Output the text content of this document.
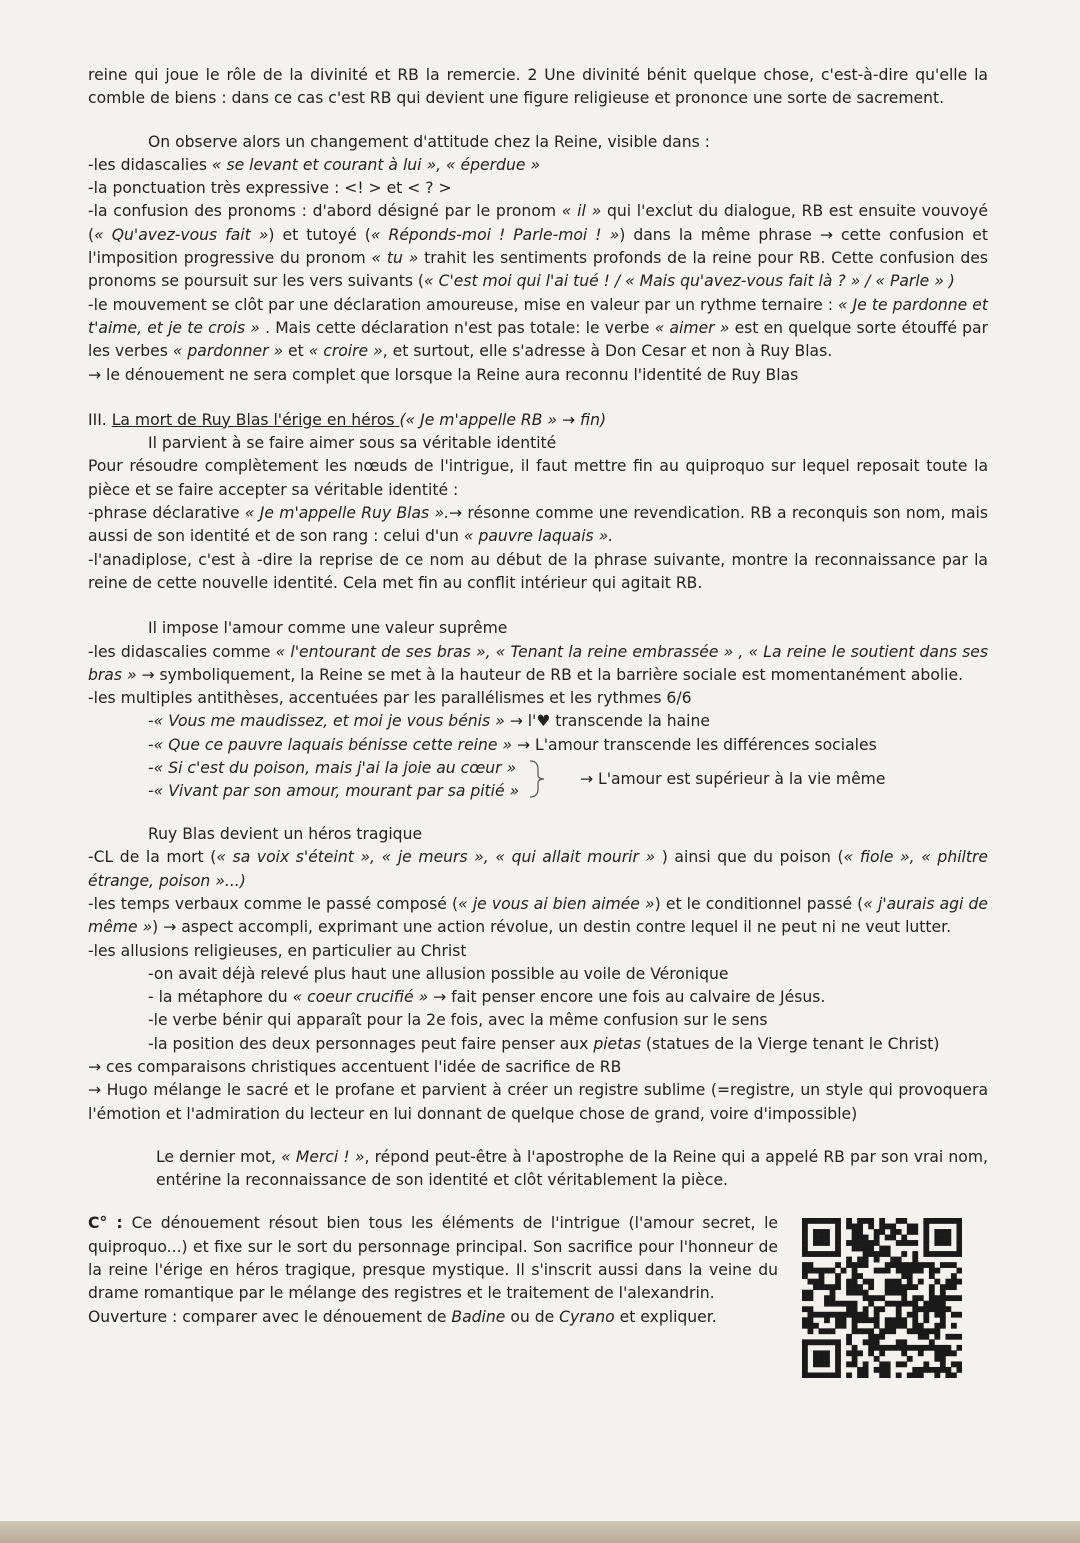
reine qui joue le rôle de la divinité et RB la remercie. 2 Une divinité bénit quelque chose, c'est-à-dire qu'elle la comble de biens : dans ce cas c'est RB qui devient une figure religieuse et prononce une sorte de sacrement.

On observe alors un changement d'attitude chez la Reine, visible dans :

-les didascalies « se levant et courant à lui », « éperdue »

-la ponctuation très expressive : <! > et < ? >

-la confusion des pronoms : d'abord désigné par le pronom « il » qui l'exclut du dialogue, RB est ensuite vouvoyé (« Qu'avez-vous fait ») et tutoyé (« Réponds-moi ! Parle-moi ! ») dans la même phrase → cette confusion et l'imposition progressive du pronom « tu » trahit les sentiments profonds de la reine pour RB. Cette confusion des pronoms se poursuit sur les vers suivants (« C'est moi qui l'ai tué ! / « Mais qu'avez-vous fait là ? » / « Parle » )

-le mouvement se clôt par une déclaration amoureuse, mise en valeur par un rythme ternaire : « Je te pardonne et t'aime, et je te crois » . Mais cette déclaration n'est pas totale: le verbe « aimer » est en quelque sorte étouffé par les verbes « pardonner » et « croire », et surtout, elle s'adresse à Don Cesar et non à Ruy Blas.

→ le dénouement ne sera complet que lorsque la Reine aura reconnu l'identité de Ruy Blas

III. La mort de Ruy Blas l'érige en héros (« Je m'appelle RB » → fin)

Il parvient à se faire aimer sous sa véritable identité

Pour résoudre complètement les nœuds de l'intrigue, il faut mettre fin au quiproquo sur lequel reposait toute la pièce et se faire accepter sa véritable identité :

-phrase déclarative « Je m'appelle Ruy Blas ».→ résonne comme une revendication. RB a reconquis son nom, mais aussi de son identité et de son rang : celui d'un « pauvre laquais ».

-l'anadiplose, c'est à -dire la reprise de ce nom au début de la phrase suivante, montre la reconnaissance par la reine de cette nouvelle identité. Cela met fin au conflit intérieur qui agitait RB.

Il impose l'amour comme une valeur suprême

-les didascalies comme « l'entourant de ses bras », « Tenant la reine embrassée » , « La reine le soutient dans ses bras » → symboliquement, la Reine se met à la hauteur de RB et la barrière sociale est momentanément abolie.

-les multiples antithèses, accentuées par les parallélismes et les rythmes 6/6

-« Vous me maudissez, et moi je vous bénis » → l'♥ transcende la haine

-« Que ce pauvre laquais bénisse cette reine » → L'amour transcende les différences sociales

-« Si c'est du poison, mais j'ai la joie au cœur »
-« Vivant par son amour, mourant par sa pitié »
→ L'amour est supérieur à la vie même

Ruy Blas devient un héros tragique

-CL de la mort (« sa voix s'éteint », « je meurs », « qui allait mourir » ) ainsi que du poison (« fiole », « philtre étrange, poison »...)

-les temps verbaux comme le passé composé (« je vous ai bien aimée ») et le conditionnel passé (« j'aurais agi de même ») → aspect accompli, exprimant une action révolue, un destin contre lequel il ne peut ni ne veut lutter.

-les allusions religieuses, en particulier au Christ

-on avait déjà relevé plus haut une allusion possible au voile de Véronique

- la métaphore du « coeur crucifié » → fait penser encore une fois au calvaire de Jésus.

-le verbe bénir qui apparaît pour la 2e fois, avec la même confusion sur le sens

-la position des deux personnages peut faire penser aux pietas (statues de la Vierge tenant le Christ)

→ ces comparaisons christiques accentuent l'idée de sacrifice de RB

→ Hugo mélange le sacré et le profane et parvient à créer un registre sublime (=registre, un style qui provoquera l'émotion et l'admiration du lecteur en lui donnant de quelque chose de grand, voire d'impossible)

Le dernier mot, « Merci ! », répond peut-être à l'apostrophe de la Reine qui a appelé RB par son vrai nom, entérine la reconnaissance de son identité et clôt véritablement la pièce.

C° : Ce dénouement résout bien tous les éléments de l'intrigue (l'amour secret, le quiproquo...) et fixe sur le sort du personnage principal. Son sacrifice pour l'honneur de la reine l'érige en héros tragique, presque mystique. Il s'inscrit aussi dans la veine du drame romantique par le mélange des registres et le traitement de l'alexandrin.

Ouverture : comparer avec le dénouement de Badine ou de Cyrano et expliquer.
